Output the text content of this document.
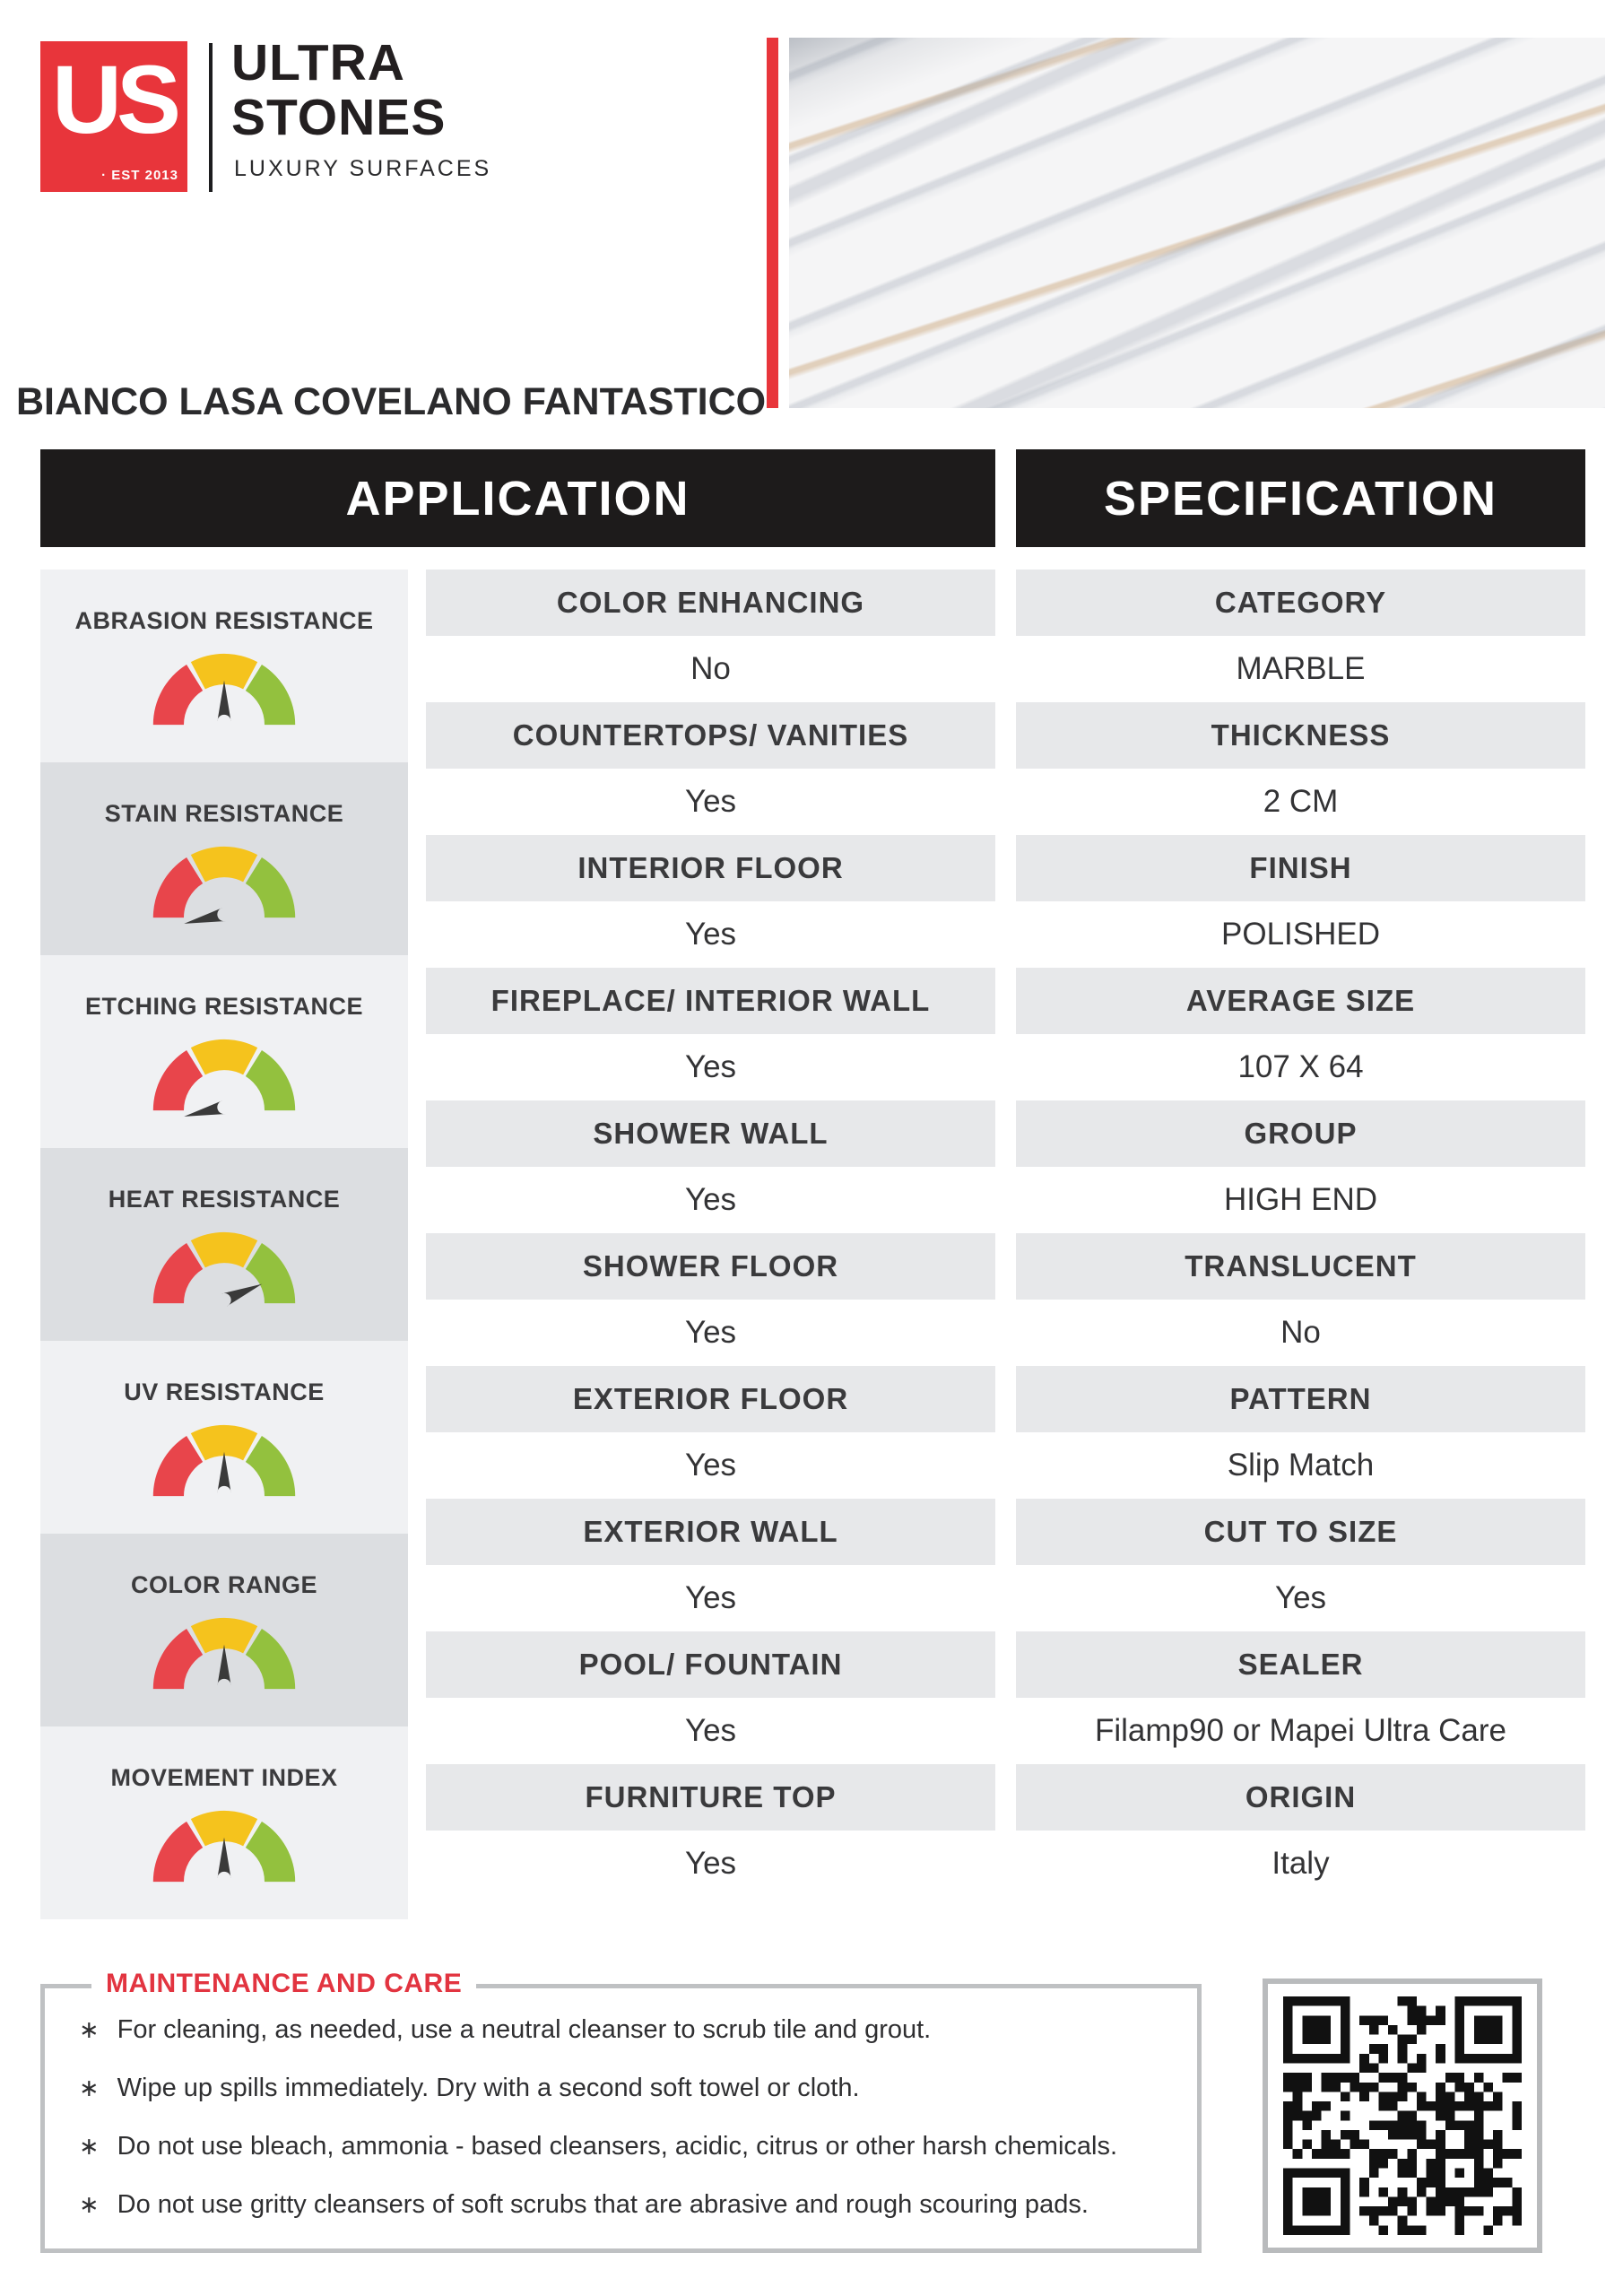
US
· EST 2013
ULTRA
STONES
LUXURY SURFACES
BIANCO LASA COVELANO FANTASTICO
APPLICATION	SPECIFICATION
ABRASION RESISTANCE
STAIN RESISTANCE
ETCHING RESISTANCE
HEAT RESISTANCE
UV RESISTANCE
COLOR RANGE
MOVEMENT INDEX
COLOR ENHANCING
No
COUNTERTOPS/ VANITIES
Yes
INTERIOR FLOOR
Yes
FIREPLACE/ INTERIOR WALL
Yes
SHOWER WALL
Yes
SHOWER FLOOR
Yes
EXTERIOR FLOOR
Yes
EXTERIOR WALL
Yes
POOL/ FOUNTAIN
Yes
FURNITURE TOP
Yes
CATEGORY
MARBLE
THICKNESS
2 CM
FINISH
POLISHED
AVERAGE SIZE
107 X 64
GROUP
HIGH END
TRANSLUCENT
No
PATTERN
Slip Match
CUT TO SIZE
Yes
SEALER
Filamp90 or Mapei Ultra Care
ORIGIN
Italy
MAINTENANCE AND CARE
∗ For cleaning, as needed, use a neutral cleanser to scrub tile and grout.
∗ Wipe up spills immediately. Dry with a second soft towel or cloth.
∗ Do not use bleach, ammonia - based cleansers, acidic, citrus or other harsh chemicals.
∗ Do not use gritty cleansers of soft scrubs that are abrasive and rough scouring pads.
